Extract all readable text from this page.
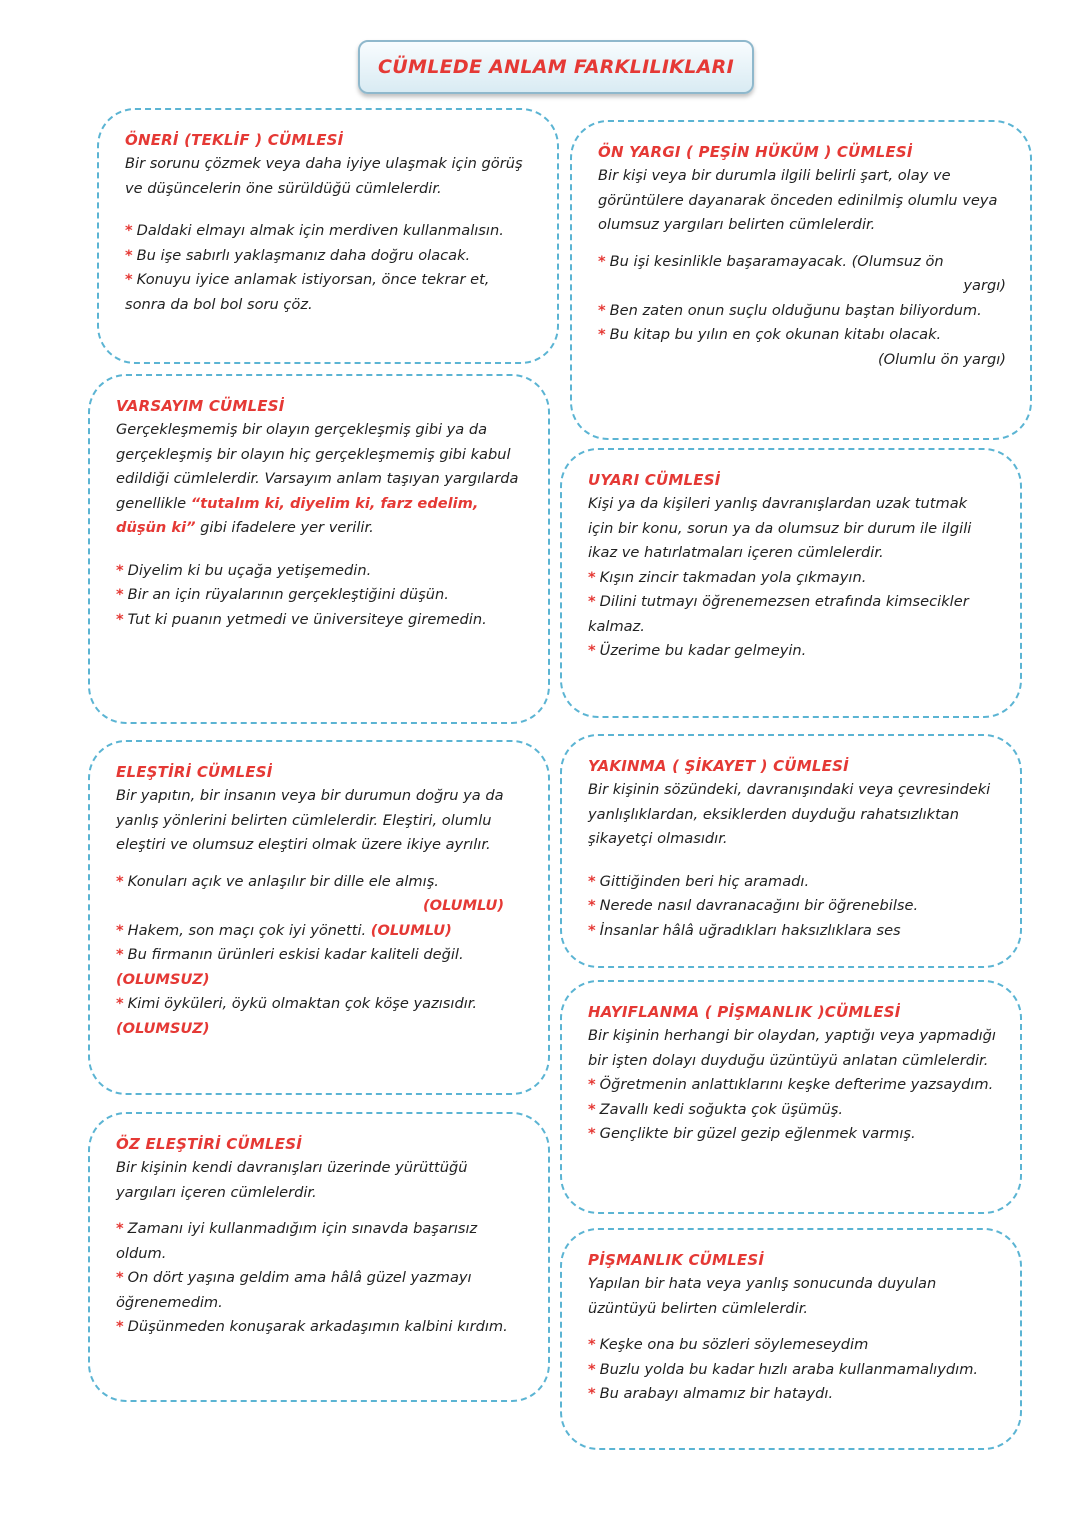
CÜMLEDE ANLAM FARKLILIKLARI
ÖNERİ (TEKLİF ) CÜMLESİ

Bir sorunu çözmek veya daha iyiye ulaşmak için görüş ve düşüncelerin öne sürüldüğü cümlelerdir.

* Daldaki elmayı almak için merdiven kullanmalısın.

* Bu işe sabırlı yaklaşmanız daha doğru olacak.

* Konuyu iyice anlamak istiyorsan, önce tekrar et, sonra da bol bol soru çöz.

ÖN YARGI ( PEŞİN HÜKÜM ) CÜMLESİ

Bir kişi veya bir durumla ilgili belirli şart, olay ve görüntülere dayanarak önceden edinilmiş olumlu veya olumsuz yargıları belirten cümlelerdir.

* Bu işi kesinlikle başaramayacak. (Olumsuz ön
yargı)

* Ben zaten onun suçlu olduğunu baştan biliyordum.

* Bu kitap bu yılın en çok okunan kitabı olacak.
(Olumlu ön yargı)

VARSAYIM CÜMLESİ

Gerçekleşmemiş bir olayın gerçekleşmiş gibi ya da gerçekleşmiş bir olayın hiç gerçekleşmemiş gibi kabul edildiği cümlelerdir. Varsayım anlam taşıyan yargılarda genellikle “tutalım ki, diyelim ki, farz edelim, düşün ki” gibi ifadelere yer verilir.

* Diyelim ki bu uçağa yetişemedin.

* Bir an için rüyalarının gerçekleştiğini düşün.

* Tut ki puanın yetmedi ve üniversiteye giremedin.

UYARI CÜMLESİ

Kişi ya da kişileri yanlış davranışlardan uzak tutmak için bir konu, sorun ya da olumsuz bir durum ile ilgili ikaz ve hatırlatmaları içeren cümlelerdir.

* Kışın zincir takmadan yola çıkmayın.

* Dilini tutmayı öğrenemezsen etrafında kimsecikler kalmaz.

* Üzerime bu kadar gelmeyin.

ELEŞTİRİ CÜMLESİ

Bir yapıtın, bir insanın veya bir durumun doğru ya da yanlış yönlerini belirten cümlelerdir. Eleştiri, olumlu eleştiri ve olumsuz eleştiri olmak üzere ikiye ayrılır.

* Konuları açık ve anlaşılır bir dille ele almış.
(OLUMLU)

* Hakem, son maçı çok iyi yönetti. (OLUMLU)

* Bu firmanın ürünleri eskisi kadar kaliteli değil. (OLUMSUZ)

* Kimi öyküleri, öykü olmaktan çok köşe yazısıdır. (OLUMSUZ)

YAKINMA ( ŞİKAYET ) CÜMLESİ

Bir kişinin sözündeki, davranışındaki veya çevresindeki yanlışlıklardan, eksiklerden duyduğu rahatsızlıktan şikayetçi olmasıdır.

* Gittiğinden beri hiç aramadı.

* Nerede nasıl davranacağını bir öğrenebilse.

* İnsanlar hâlâ uğradıkları haksızlıklara ses

HAYIFLANMA ( PİŞMANLIK )CÜMLESİ

Bir kişinin herhangi bir olaydan, yaptığı veya yapmadığı bir işten dolayı duyduğu üzüntüyü anlatan cümlelerdir.

* Öğretmenin anlattıklarını keşke defterime yazsaydım.

* Zavallı kedi soğukta çok üşümüş.

* Gençlikte bir güzel gezip eğlenmek varmış.

ÖZ ELEŞTİRİ CÜMLESİ

Bir kişinin kendi davranışları üzerinde yürüttüğü yargıları içeren cümlelerdir.

* Zamanı iyi kullanmadığım için sınavda başarısız oldum.

* On dört yaşına geldim ama hâlâ güzel yazmayı öğrenemedim.

* Düşünmeden konuşarak arkadaşımın kalbini kırdım.

PİŞMANLIK CÜMLESİ

Yapılan bir hata veya yanlış sonucunda duyulan üzüntüyü belirten cümlelerdir.

* Keşke ona bu sözleri söylemeseydim

* Buzlu yolda bu kadar hızlı araba kullanmamalıydım.

* Bu arabayı almamız bir hataydı.
